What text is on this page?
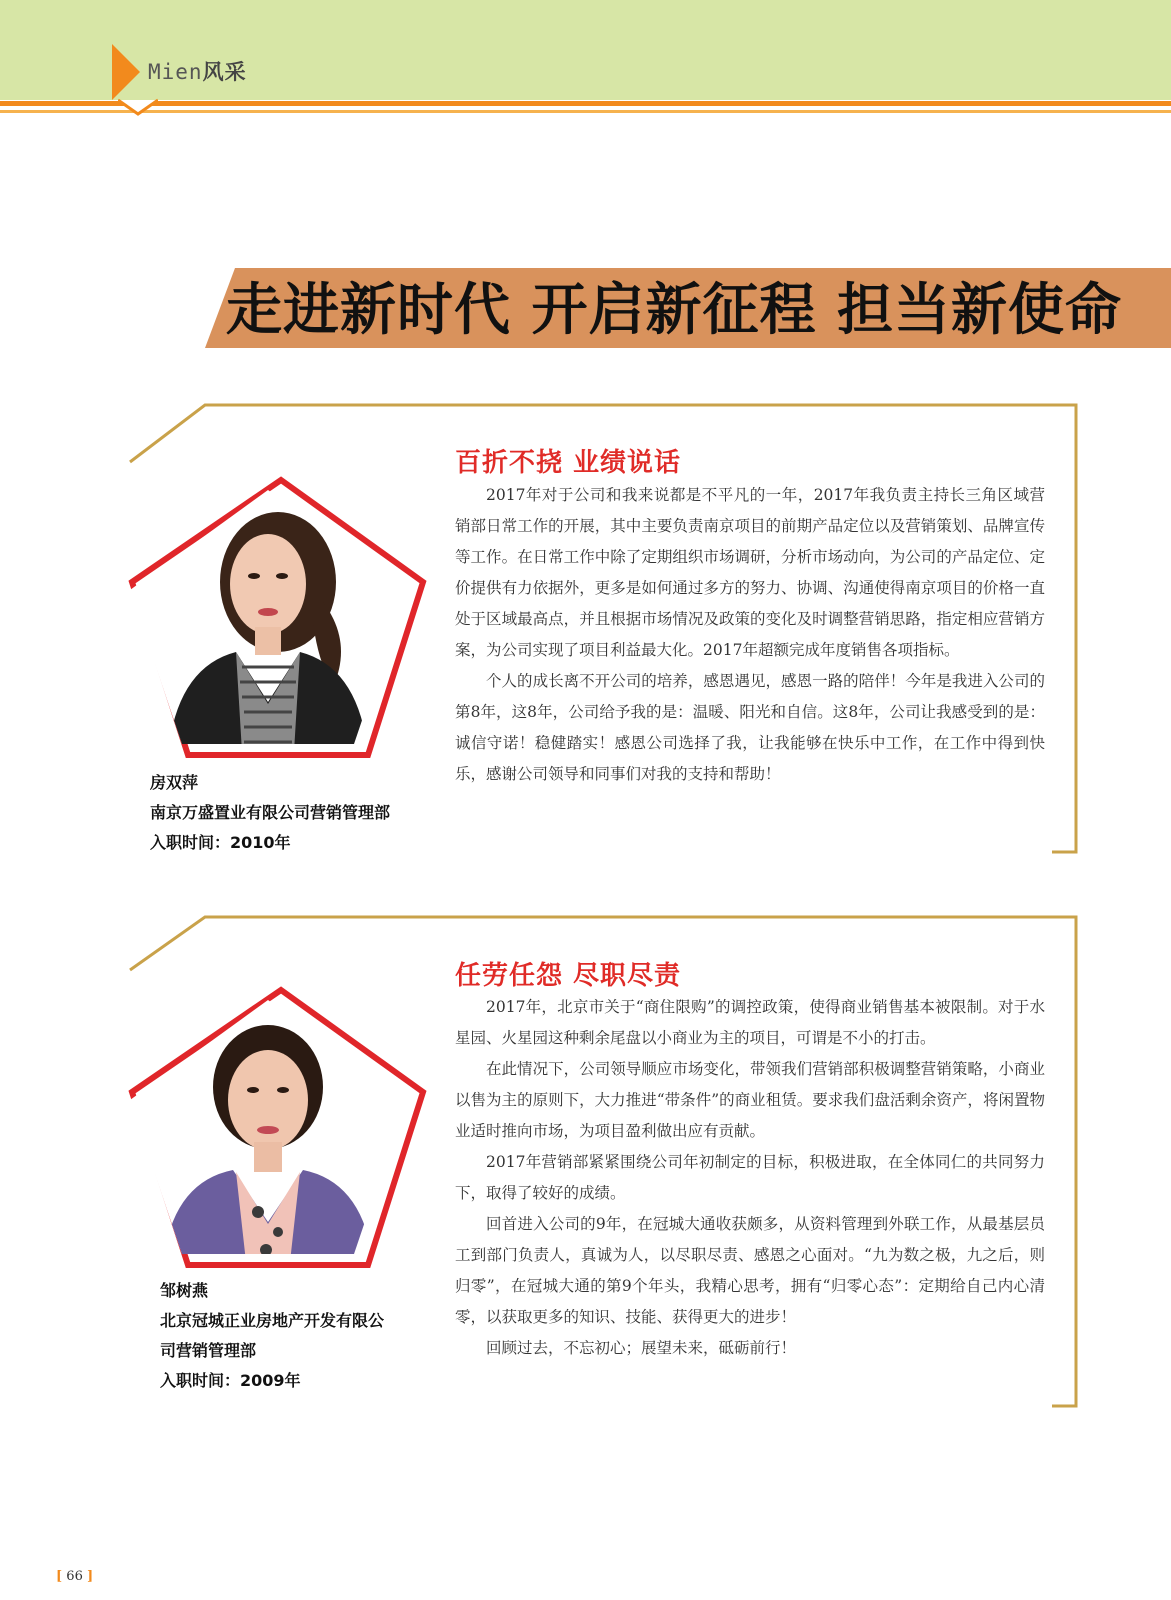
Mien风采
走进新时代 开启新征程 担当新使命
房双萍
南京万盛置业有限公司营销管理部
入职时间：2010年
百折不挠 业绩说话

2017年对于公司和我来说都是不平凡的一年，2017年我负责主持长三角区域营销部日常工作的开展，其中主要负责南京项目的前期产品定位以及营销策划、品牌宣传等工作。在日常工作中除了定期组织市场调研，分析市场动向，为公司的产品定位、定价提供有力依据外，更多是如何通过多方的努力、协调、沟通使得南京项目的价格一直处于区域最高点，并且根据市场情况及政策的变化及时调整营销思路，指定相应营销方案，为公司实现了项目利益最大化。2017年超额完成年度销售各项指标。

个人的成长离不开公司的培养，感恩遇见，感恩一路的陪伴！今年是我进入公司的第8年，这8年，公司给予我的是：温暖、阳光和自信。这8年，公司让我感受到的是：诚信守诺！稳健踏实！感恩公司选择了我，让我能够在快乐中工作，在工作中得到快乐，感谢公司领导和同事们对我的支持和帮助！

邹树燕
北京冠城正业房地产开发有限公
司营销管理部
入职时间：2009年
任劳任怨 尽职尽责

2017年，北京市关于“商住限购”的调控政策，使得商业销售基本被限制。对于水星园、火星园这种剩余尾盘以小商业为主的项目，可谓是不小的打击。

在此情况下，公司领导顺应市场变化，带领我们营销部积极调整营销策略，小商业以售为主的原则下，大力推进“带条件”的商业租赁。要求我们盘活剩余资产，将闲置物业适时推向市场，为项目盈利做出应有贡献。

2017年营销部紧紧围绕公司年初制定的目标，积极进取，在全体同仁的共同努力下，取得了较好的成绩。

回首进入公司的9年，在冠城大通收获颇多，从资料管理到外联工作，从最基层员工到部门负责人，真诚为人，以尽职尽责、感恩之心面对。“九为数之极，九之后，则归零”，在冠城大通的第9个年头，我精心思考，拥有“归零心态”：定期给自己内心清零，以获取更多的知识、技能、获得更大的进步！

回顾过去，不忘初心；展望未来，砥砺前行！

[ 66 ]
